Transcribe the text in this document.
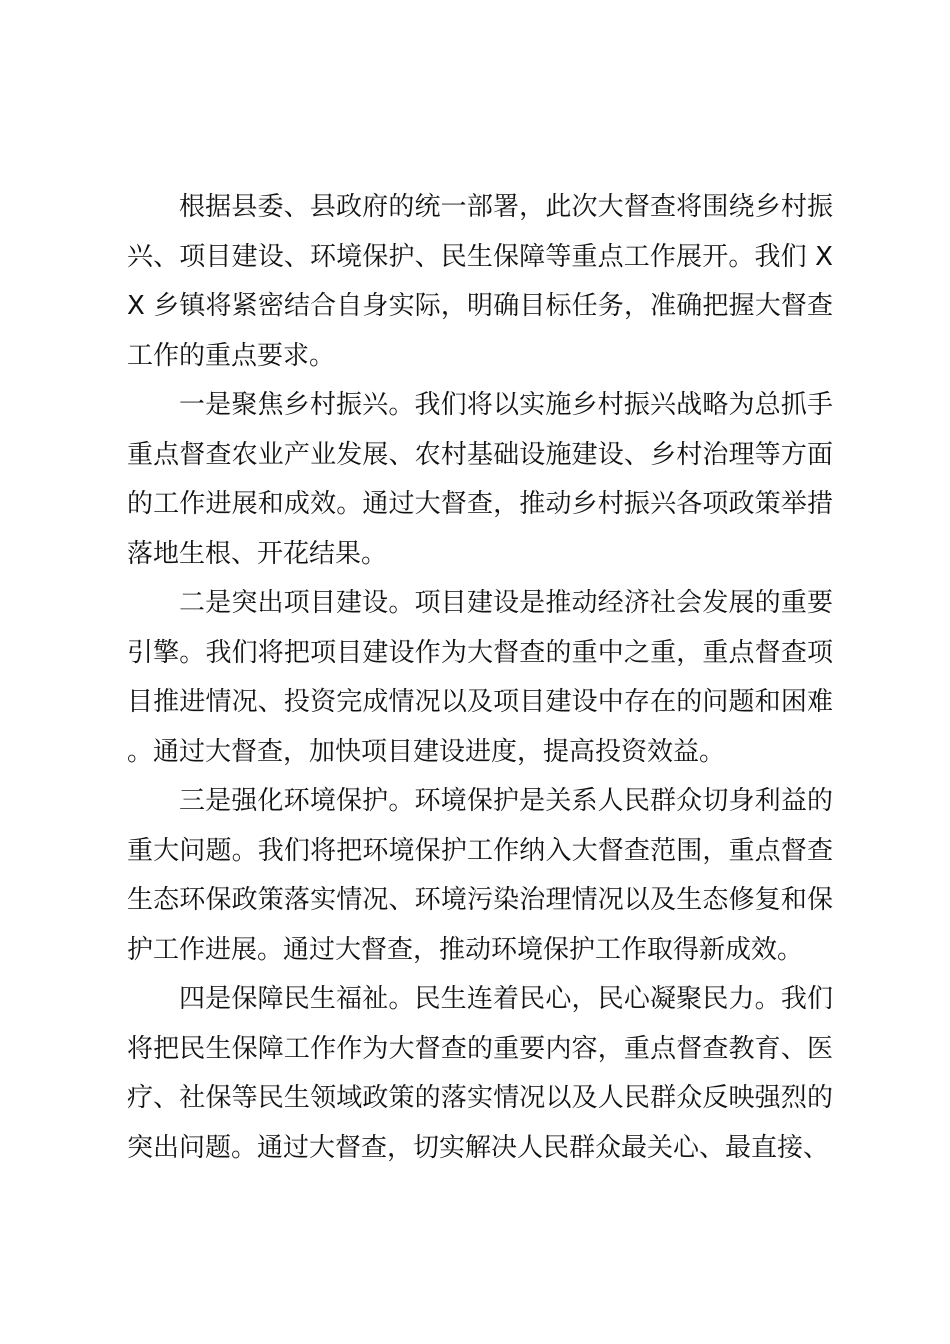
根据县委、县政府的统一部署，此次大督查将围绕乡村振兴、项目建设、环境保护、民生保障等重点工作展开。我们 XX 乡镇将紧密结合自身实际，明确目标任务，准确把握大督查工作的重点要求。

一是聚焦乡村振兴。我们将以实施乡村振兴战略为总抓手重点督查农业产业发展、农村基础设施建设、乡村治理等方面的工作进展和成效。通过大督查，推动乡村振兴各项政策举措落地生根、开花结果。

二是突出项目建设。项目建设是推动经济社会发展的重要引擎。我们将把项目建设作为大督查的重中之重，重点督查项目推进情况、投资完成情况以及项目建设中存在的问题和困难。通过大督查，加快项目建设进度，提高投资效益。

三是强化环境保护。环境保护是关系人民群众切身利益的重大问题。我们将把环境保护工作纳入大督查范围，重点督查生态环保政策落实情况、环境污染治理情况以及生态修复和保护工作进展。通过大督查，推动环境保护工作取得新成效。

四是保障民生福祉。民生连着民心，民心凝聚民力。我们将把民生保障工作作为大督查的重要内容，重点督查教育、医疗、社保等民生领域政策的落实情况以及人民群众反映强烈的突出问题。通过大督查，切实解决人民群众最关心、最直接、
